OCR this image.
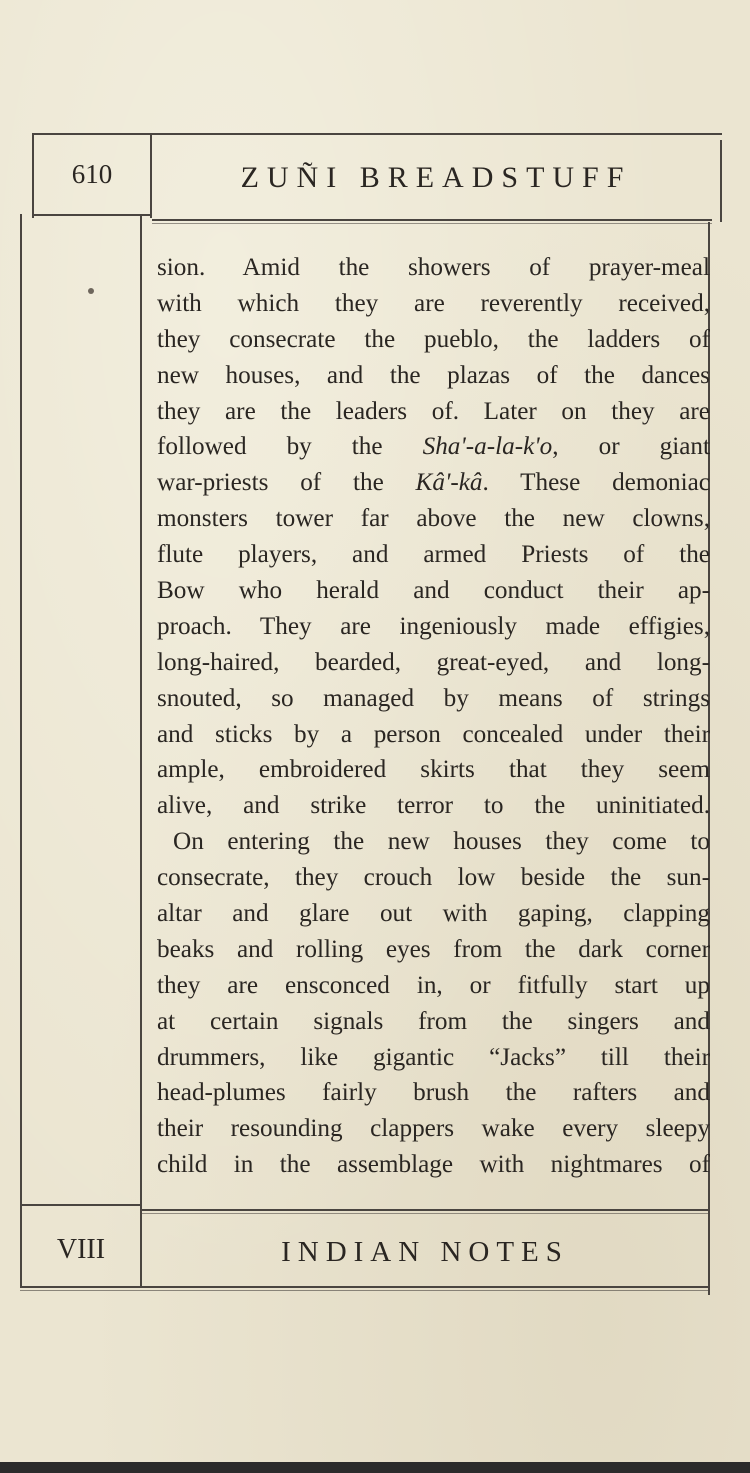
610	ZUÑI BREADSTUFF
sion. Amid the showers of prayer-meal
with which they are reverently received,
they consecrate the pueblo, the ladders of
new houses, and the plazas of the dances
they are the leaders of. Later on they are
followed by the Sha'-a-la-k'o, or giant
war-priests of the Kâ'-kâ. These demoniac
monsters tower far above the new clowns,
flute players, and armed Priests of the
Bow who herald and conduct their ap-
proach. They are ingeniously made effigies,
long-haired, bearded, great-eyed, and long-
snouted, so managed by means of strings
and sticks by a person concealed under their
ample, embroidered skirts that they seem
alive, and strike terror to the uninitiated.
On entering the new houses they come to
consecrate, they crouch low beside the sun-
altar and glare out with gaping, clapping
beaks and rolling eyes from the dark corner
they are ensconced in, or fitfully start up
at certain signals from the singers and
drummers, like gigantic “Jacks” till their
head-plumes fairly brush the rafters and
their resounding clappers wake every sleepy
child in the assemblage with nightmares of
VIII	INDIAN NOTES
